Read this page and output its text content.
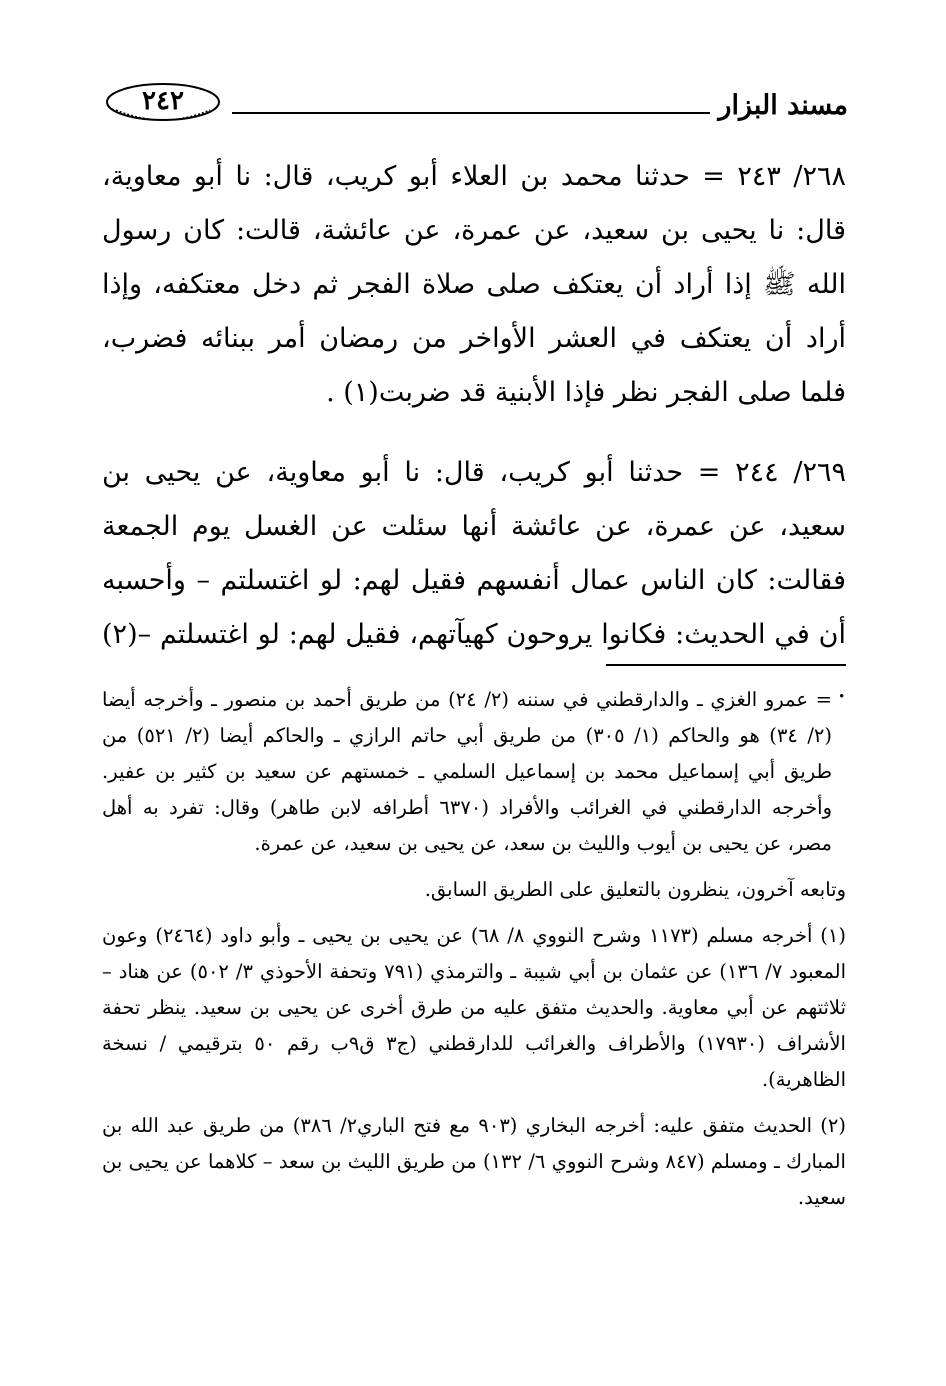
٢٤٢	مسند البزار

٢٦٨/ ٢٤٣ = حدثنا محمد بن العلاء أبو كريب، قال: نا أبو معاوية، قال: نا يحيى بن سعيد، عن عمرة، عن عائشة، قالت: كان رسول الله ﷺ إذا أراد أن يعتكف صلى صلاة الفجر ثم دخل معتكفه، وإذا أراد أن يعتكف في العشر الأواخر من رمضان أمر ببنائه فضرب، فلما صلى الفجر نظر فإذا الأبنية قد ضربت(١) .

٢٦٩/ ٢٤٤ = حدثنا أبو كريب، قال: نا أبو معاوية، عن يحيى بن سعيد، عن عمرة، عن عائشة أنها سئلت عن الغسل يوم الجمعة فقالت: كان الناس عمال أنفسهم فقيل لهم: لو اغتسلتم – وأحسبه أن في الحديث: فكانوا يروحون كهيآتهم، فقيل لهم: لو اغتسلتم –(٢) .

= عمرو الغزي ـ والدارقطني في سننه (٢/ ٢٤) من طريق أحمد بن منصور ـ وأخرجه أيضا (٢/ ٣٤) هو والحاكم (١/ ٣٠٥) من طريق أبي حاتم الرازي ـ والحاكم أيضا (٢/ ٥٢١) من طريق أبي إسماعيل محمد بن إسماعيل السلمي ـ خمستهم عن سعيد بن كثير بن عفير. وأخرجه الدارقطني في الغرائب والأفراد (٦٣٧٠ أطرافه لابن طاهر) وقال: تفرد به أهل مصر، عن يحيى بن أيوب والليث بن سعد، عن يحيى بن سعيد، عن عمرة.

وتابعه آخرون، ينظرون بالتعليق على الطريق السابق.

(١) أخرجه مسلم (١١٧٣ وشرح النووي ٨/ ٦٨) عن يحيى بن يحيى ـ وأبو داود (٢٤٦٤) وعون المعبود ٧/ ١٣٦) عن عثمان بن أبي شيبة ـ والترمذي (٧٩١ وتحفة الأحوذي ٣/ ٥٠٢) عن هناد – ثلاثتهم عن أبي معاوية. والحديث متفق عليه من طرق أخرى عن يحيى بن سعيد. ينظر تحفة الأشراف (١٧٩٣٠) والأطراف والغرائب للدارقطني (ج٣ ق٩ب رقم ٥٠ بترقيمي / نسخة الظاهرية).

(٢) الحديث متفق عليه: أخرجه البخاري (٩٠٣ مع فتح الباري٢/ ٣٨٦) من طريق عبد الله بن المبارك ـ ومسلم (٨٤٧ وشرح النووي ٦/ ١٣٢) من طريق الليث بن سعد – كلاهما عن يحيى بن سعيد.
